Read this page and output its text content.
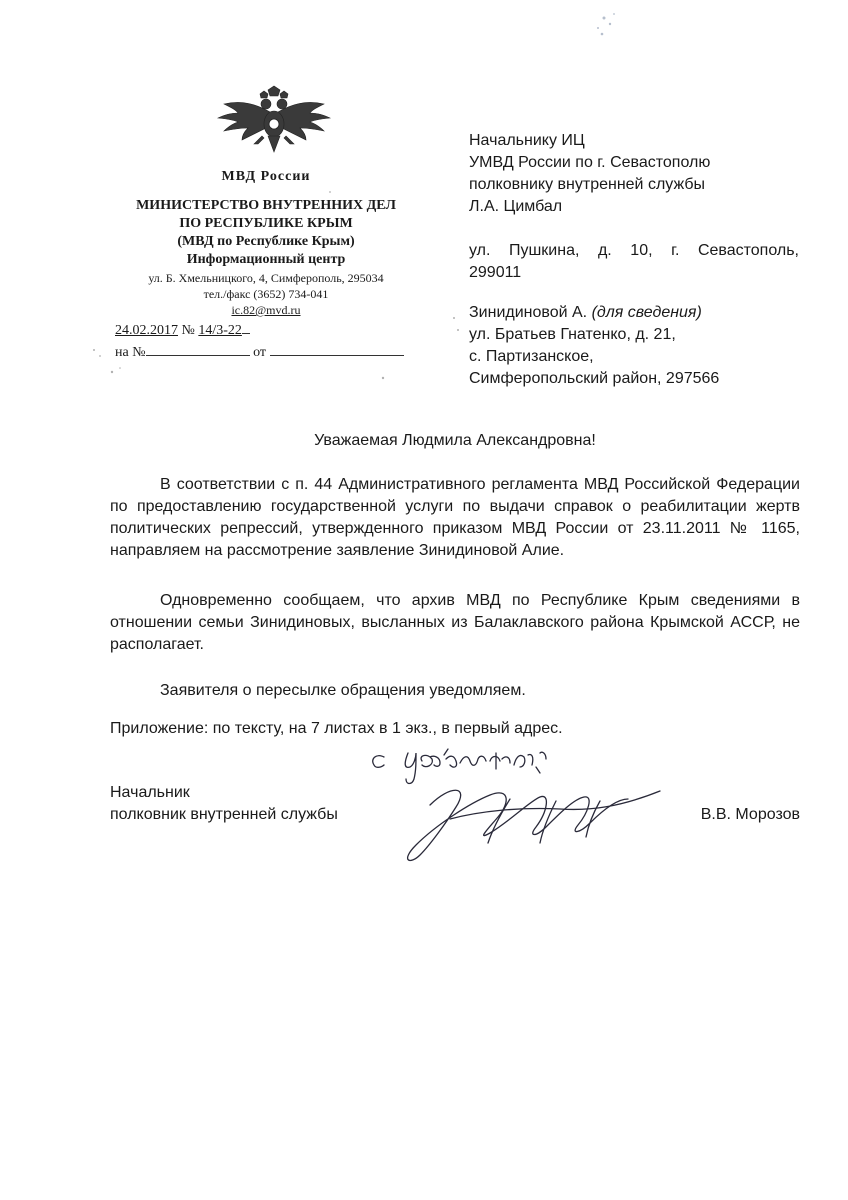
МВД России
МИНИСТЕРСТВО ВНУТРЕННИХ ДЕЛ
ПО РЕСПУБЛИКЕ КРЫМ
(МВД по Республике Крым)
Информационный центр
ул. Б. Хмельницкого, 4, Симферополь, 295034
тел./факс (3652) 734-041
ic.82@mvd.ru
24.02.2017 № 14/3-22
на №	от
Начальнику ИЦ
УМВД России по г. Севастополю
полковнику внутренней службы
Л.А. Цимбал
ул. Пушкина, д. 10, г. Севастополь,
299011
Зинидиновой А. (для сведения)
ул. Братьев Гнатенко, д. 21,
с. Партизанское,
Симферопольский район, 297566
Уважаемая Людмила Александровна!
В соответствии с п. 44 Административного регламента МВД Российской Федерации по предоставлению государственной услуги по выдачи справок о реабилитации жертв политических репрессий, утвержденного приказом МВД России от 23.11.2011 № 1165, направляем на рассмотрение заявление Зинидиновой Алие.
Одновременно сообщаем, что архив МВД по Республике Крым сведениями в отношении семьи Зинидиновых, высланных из Балаклавского района Крымской АССР, не располагает.
Заявителя о пересылке обращения уведомляем.
Приложение: по тексту, на 7 листах в 1 экз., в первый адрес.
Начальник
полковник внутренней службы	В.В. Морозов
